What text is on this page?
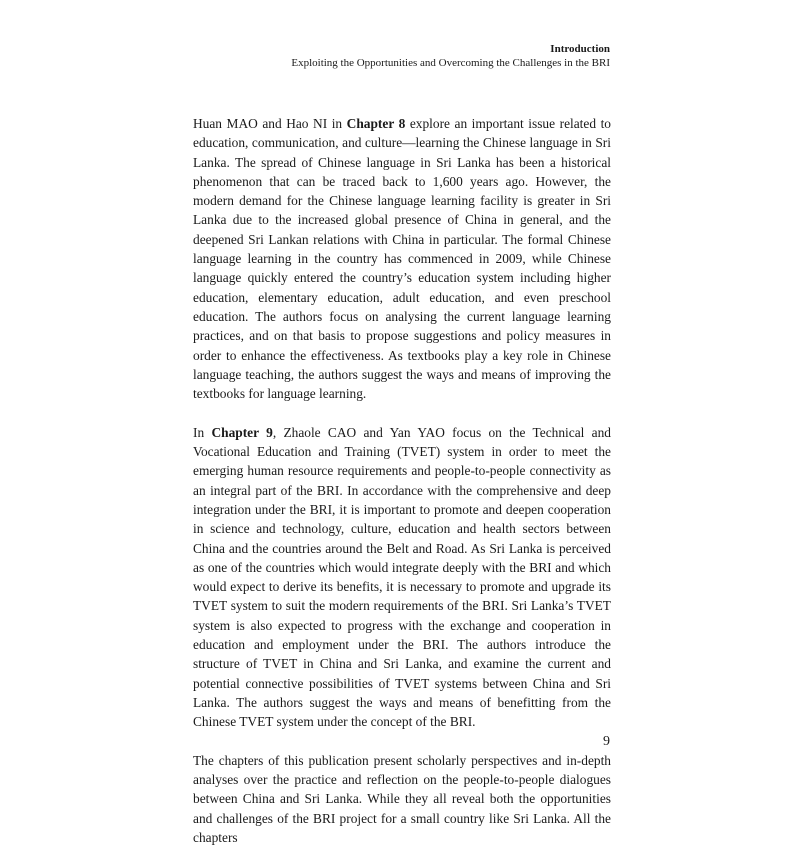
Introduction
Exploiting the Opportunities and Overcoming the Challenges in the BRI

Huan MAO and Hao NI in Chapter 8 explore an important issue related to education, communication, and culture—learning the Chinese language in Sri Lanka. The spread of Chinese language in Sri Lanka has been a historical phenomenon that can be traced back to 1,600 years ago. However, the modern demand for the Chinese language learning facility is greater in Sri Lanka due to the increased global presence of China in general, and the deepened Sri Lankan relations with China in particular. The formal Chinese language learning in the country has commenced in 2009, while Chinese language quickly entered the country’s education system including higher education, elementary education, adult education, and even preschool education. The authors focus on analysing the current language learning practices, and on that basis to propose suggestions and policy measures in order to enhance the effectiveness. As textbooks play a key role in Chinese language teaching, the authors suggest the ways and means of improving the textbooks for language learning.

In Chapter 9, Zhaole CAO and Yan YAO focus on the Technical and Vocational Education and Training (TVET) system in order to meet the emerging human resource requirements and people-to-people connectivity as an integral part of the BRI. In accordance with the comprehensive and deep integration under the BRI, it is important to promote and deepen cooperation in science and technology, culture, education and health sectors between China and the countries around the Belt and Road. As Sri Lanka is perceived as one of the countries which would integrate deeply with the BRI and which would expect to derive its benefits, it is necessary to promote and upgrade its TVET system to suit the modern requirements of the BRI. Sri Lanka’s TVET system is also expected to progress with the exchange and cooperation in education and employment under the BRI. The authors introduce the structure of TVET in China and Sri Lanka, and examine the current and potential connective possibilities of TVET systems between China and Sri Lanka. The authors suggest the ways and means of benefitting from the Chinese TVET system under the concept of the BRI.

The chapters of this publication present scholarly perspectives and in-depth analyses over the practice and reflection on the people-to-people dialogues between China and Sri Lanka. While they all reveal both the opportunities and challenges of the BRI project for a small country like Sri Lanka. All the chapters

9
